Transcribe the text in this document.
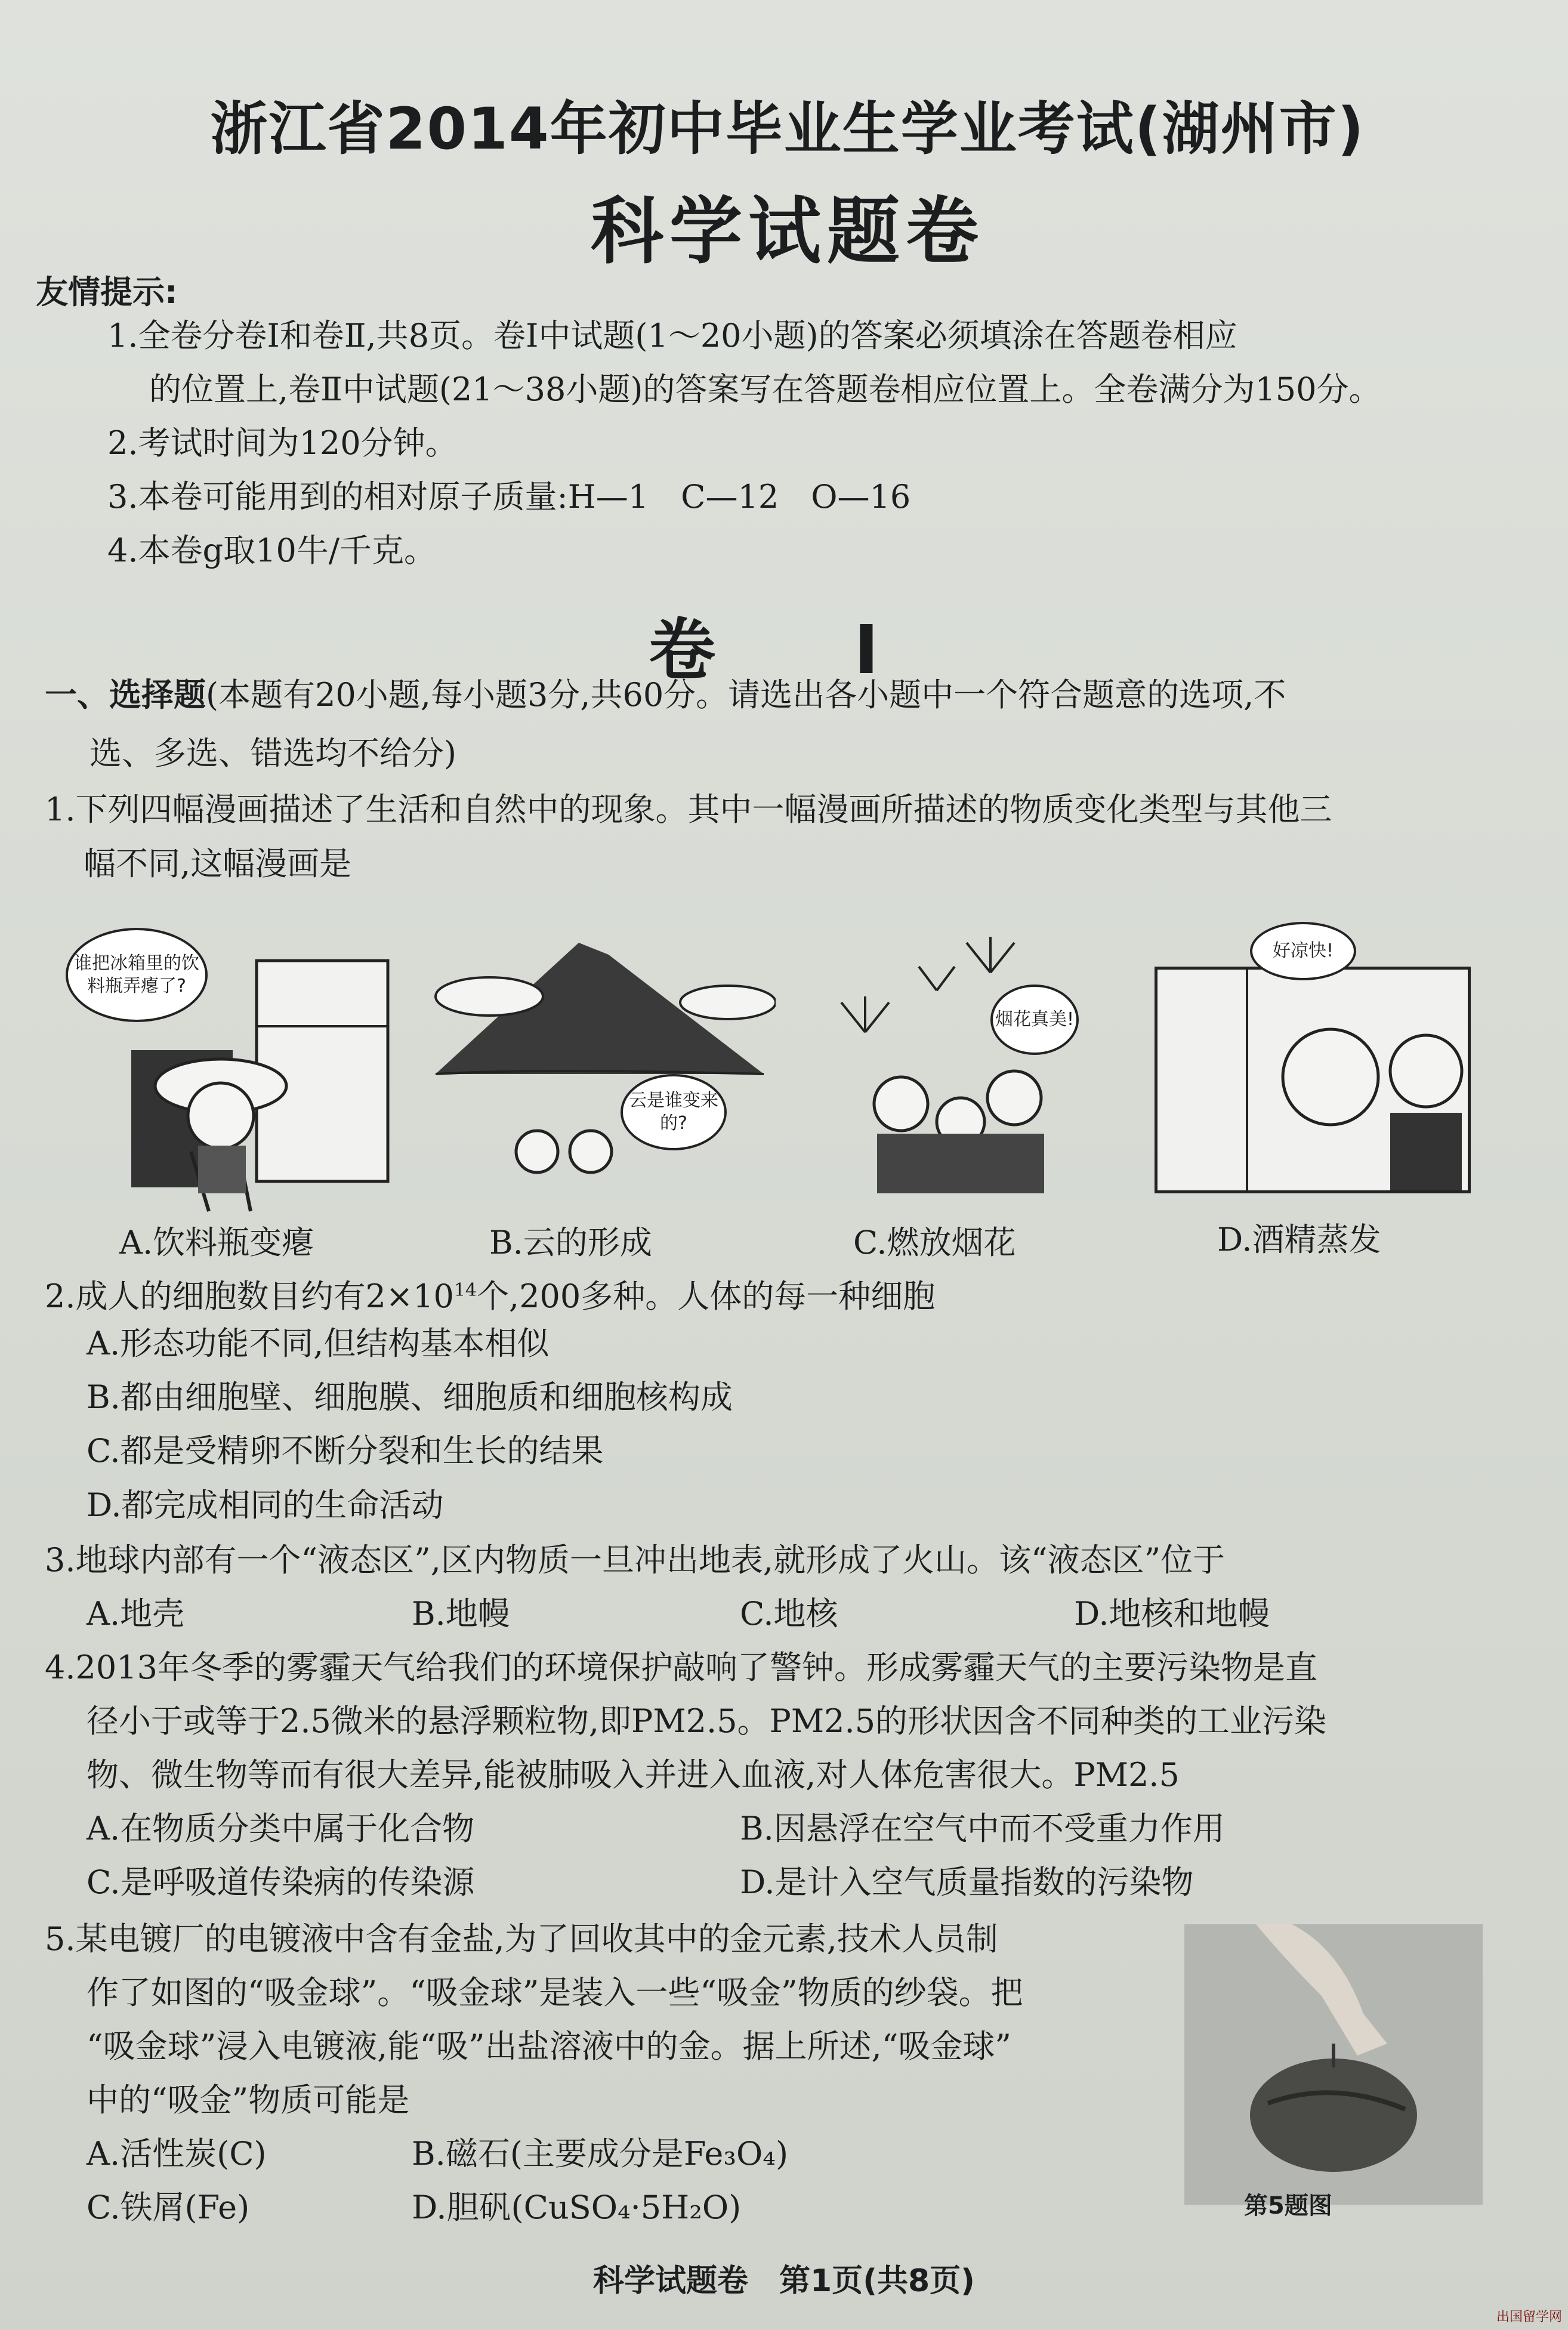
浙江省2014年初中毕业生学业考试(湖州市)
科学试题卷
友情提示:
1.全卷分卷Ⅰ和卷Ⅱ,共8页。卷Ⅰ中试题(1～20小题)的答案必须填涂在答题卷相应
的位置上,卷Ⅱ中试题(21～38小题)的答案写在答题卷相应位置上。全卷满分为150分。
2.考试时间为120分钟。
3.本卷可能用到的相对原子质量:H—1　C—12　O—16
4.本卷g取10牛/千克。
卷　Ⅰ
一、选择题(本题有20小题,每小题3分,共60分。请选出各小题中一个符合题意的选项,不
选、多选、错选均不给分)
1.下列四幅漫画描述了生活和自然中的现象。其中一幅漫画所描述的物质变化类型与其他三
幅不同,这幅漫画是
谁把冰箱里的饮料瓶弄瘪了?
云是谁变来的?
烟花真美!
好凉快!
A.饮料瓶变瘪	B.云的形成	C.燃放烟花	D.酒精蒸发
2.成人的细胞数目约有$2\times 10^{14}$个,200多种。人体的每一种细胞
A.形态功能不同,但结构基本相似
B.都由细胞壁、细胞膜、细胞质和细胞核构成
C.都是受精卵不断分裂和生长的结果
D.都完成相同的生命活动
3.地球内部有一个“液态区”,区内物质一旦冲出地表,就形成了火山。该“液态区”位于
A.地壳	B.地幔	C.地核	D.地核和地幔
4.2013年冬季的雾霾天气给我们的环境保护敲响了警钟。形成雾霾天气的主要污染物是直
径小于或等于2.5微米的悬浮颗粒物,即PM2.5。PM2.5的形状因含不同种类的工业污染
物、微生物等而有很大差异,能被肺吸入并进入血液,对人体危害很大。PM2.5
A.在物质分类中属于化合物	B.因悬浮在空气中而不受重力作用
C.是呼吸道传染病的传染源	D.是计入空气质量指数的污染物
5.某电镀厂的电镀液中含有金盐,为了回收其中的金元素,技术人员制
作了如图的“吸金球”。“吸金球”是装入一些“吸金”物质的纱袋。把
“吸金球”浸入电镀液,能“吸”出盐溶液中的金。据上所述,“吸金球”
中的“吸金”物质可能是
A.活性炭(C)	B.磁石(主要成分是Fe₃O₄)
C.铁屑(Fe)	D.胆矾(CuSO₄·5H₂O)	第5题图
科学试题卷　第1页(共8页)
出国留学网
